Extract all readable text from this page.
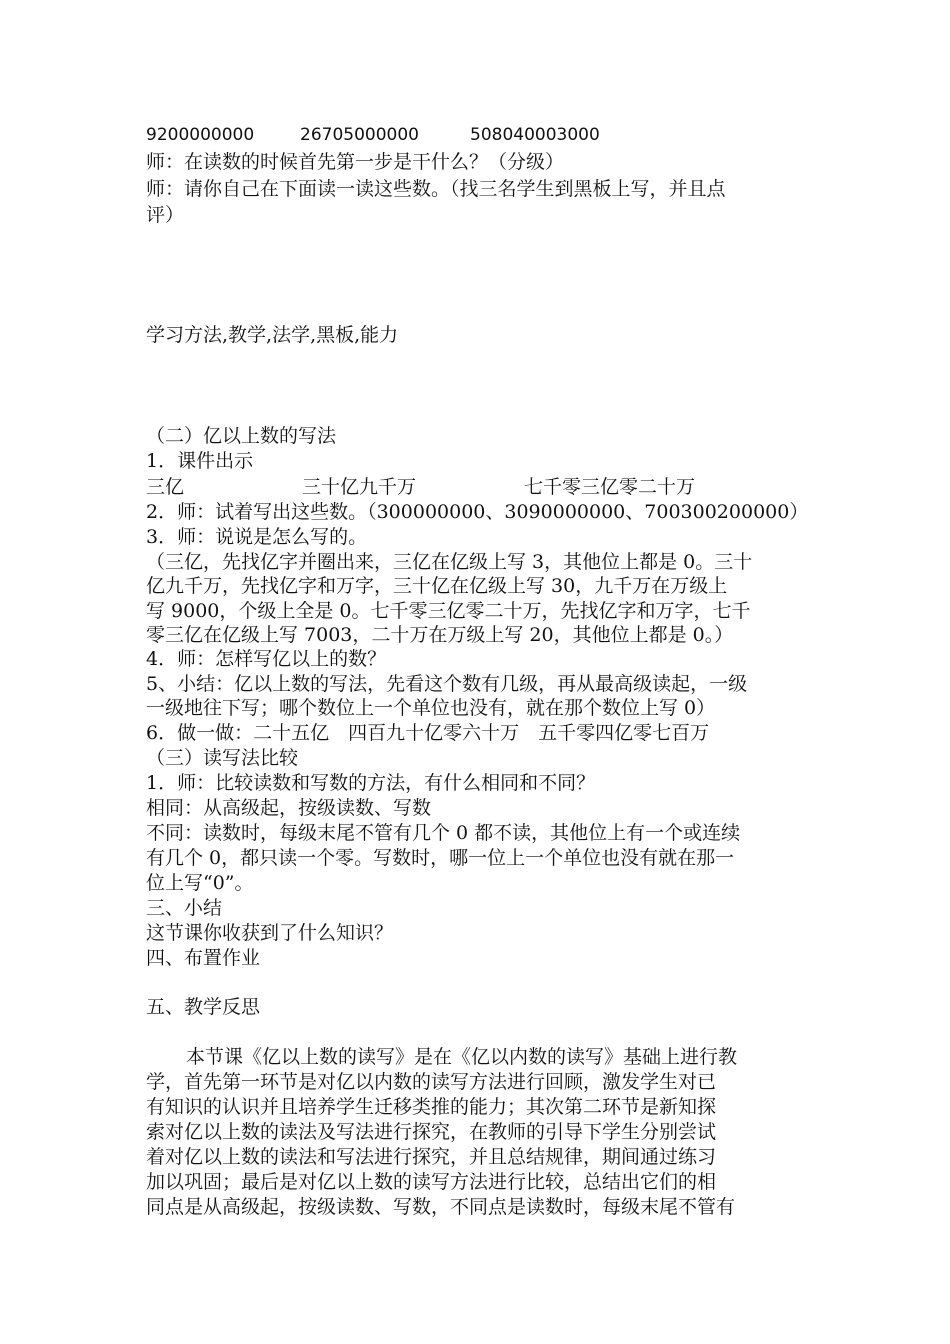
9200000000	26705000000	508040003000
师：在读数的时候首先第一步是干什么？（分级）
师：请你自己在下面读一读这些数。（找三名学生到黑板上写，并且点
评）
学习方法,教学,法学,黑板,能力
（二）亿以上数的写法
1．课件出示
三亿	三十亿九千万	七千零三亿零二十万
2．师：试着写出这些数。（300000000、3090000000、700300200000）
3．师：说说是怎么写的。
（三亿，先找亿字并圈出来，三亿在亿级上写 3，其他位上都是 0。三十
亿九千万，先找亿字和万字，三十亿在亿级上写 30，九千万在万级上
写 9000，个级上全是 0。七千零三亿零二十万，先找亿字和万字，七千
零三亿在亿级上写 7003，二十万在万级上写 20，其他位上都是 0。）
4．师：怎样写亿以上的数？
5、小结：亿以上数的写法，先看这个数有几级，再从最高级读起，一级
一级地往下写；哪个数位上一个单位也没有，就在那个数位上写 0）
6．做一做：二十五亿　四百九十亿零六十万　五千零四亿零七百万
（三）读写法比较
1．师：比较读数和写数的方法，有什么相同和不同？
相同：从高级起，按级读数、写数
不同：读数时，每级末尾不管有几个 0 都不读，其他位上有一个或连续
有几个 0，都只读一个零。写数时，哪一位上一个单位也没有就在那一
位上写“0”。
三、小结
这节课你收获到了什么知识？
四、布置作业
五、教学反思
本节课《亿以上数的读写》是在《亿以内数的读写》基础上进行教
学，首先第一环节是对亿以内数的读写方法进行回顾，激发学生对已
有知识的认识并且培养学生迁移类推的能力；其次第二环节是新知探
索对亿以上数的读法及写法进行探究，在教师的引导下学生分别尝试
着对亿以上数的读法和写法进行探究，并且总结规律，期间通过练习
加以巩固；最后是对亿以上数的读写方法进行比较，总结出它们的相
同点是从高级起，按级读数、写数，不同点是读数时，每级末尾不管有
